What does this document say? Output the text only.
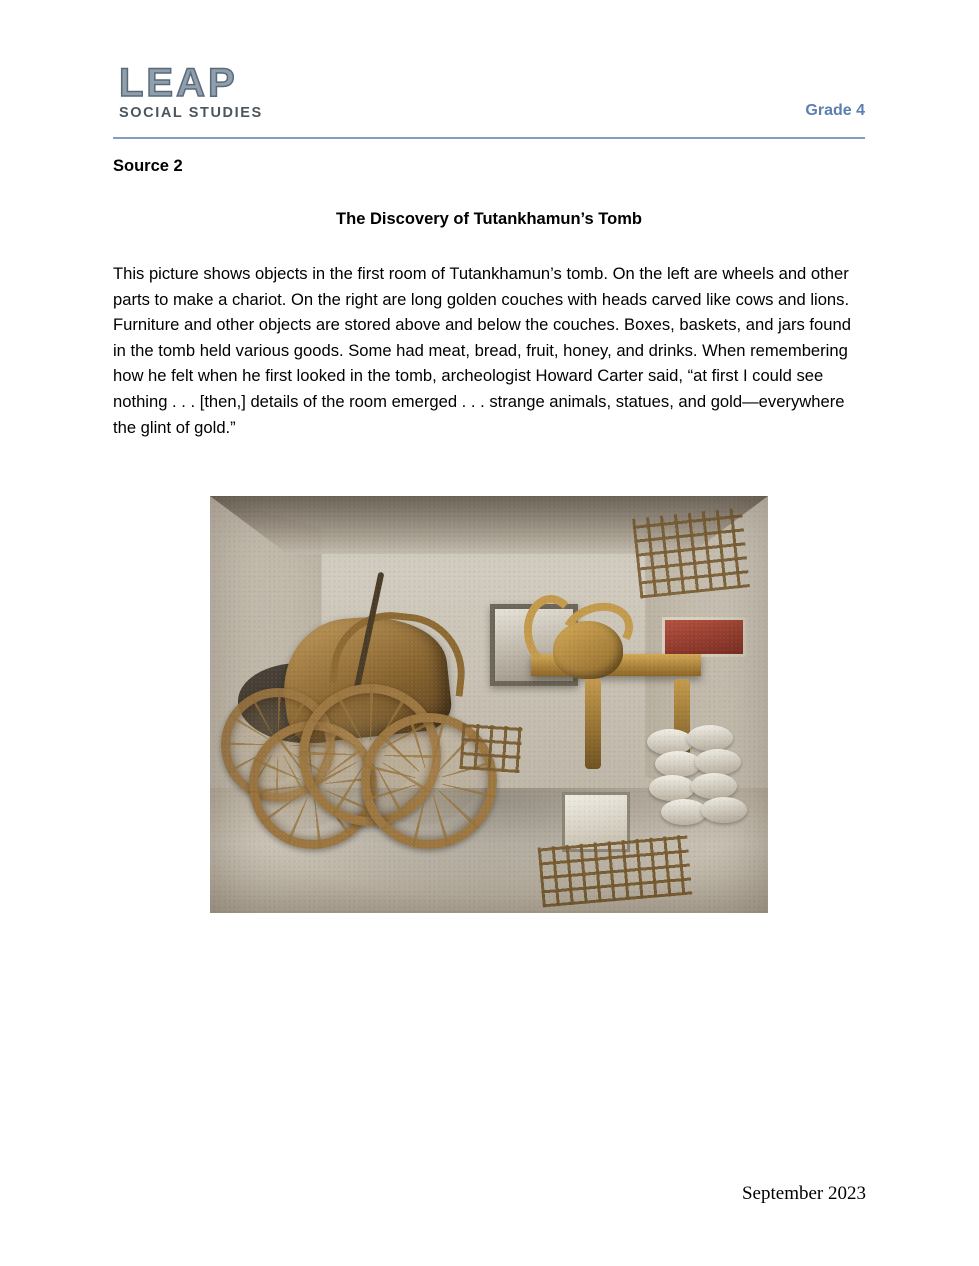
LEAP
SOCIAL STUDIES	Grade 4
Source 2
The Discovery of Tutankhamun’s Tomb
This picture shows objects in the first room of Tutankhamun’s tomb. On the left are wheels and other parts to make a chariot. On the right are long golden couches with heads carved like cows and lions. Furniture and other objects are stored above and below the couches. Boxes, baskets, and jars found in the tomb held various goods. Some had meat, bread, fruit, honey, and drinks. When remembering how he felt when he first looked in the tomb, archeologist Howard Carter said, “at first I could see nothing . . . [then,] details of the room emerged . . . strange animals, statues, and gold—everywhere the glint of gold.”
September 2023
